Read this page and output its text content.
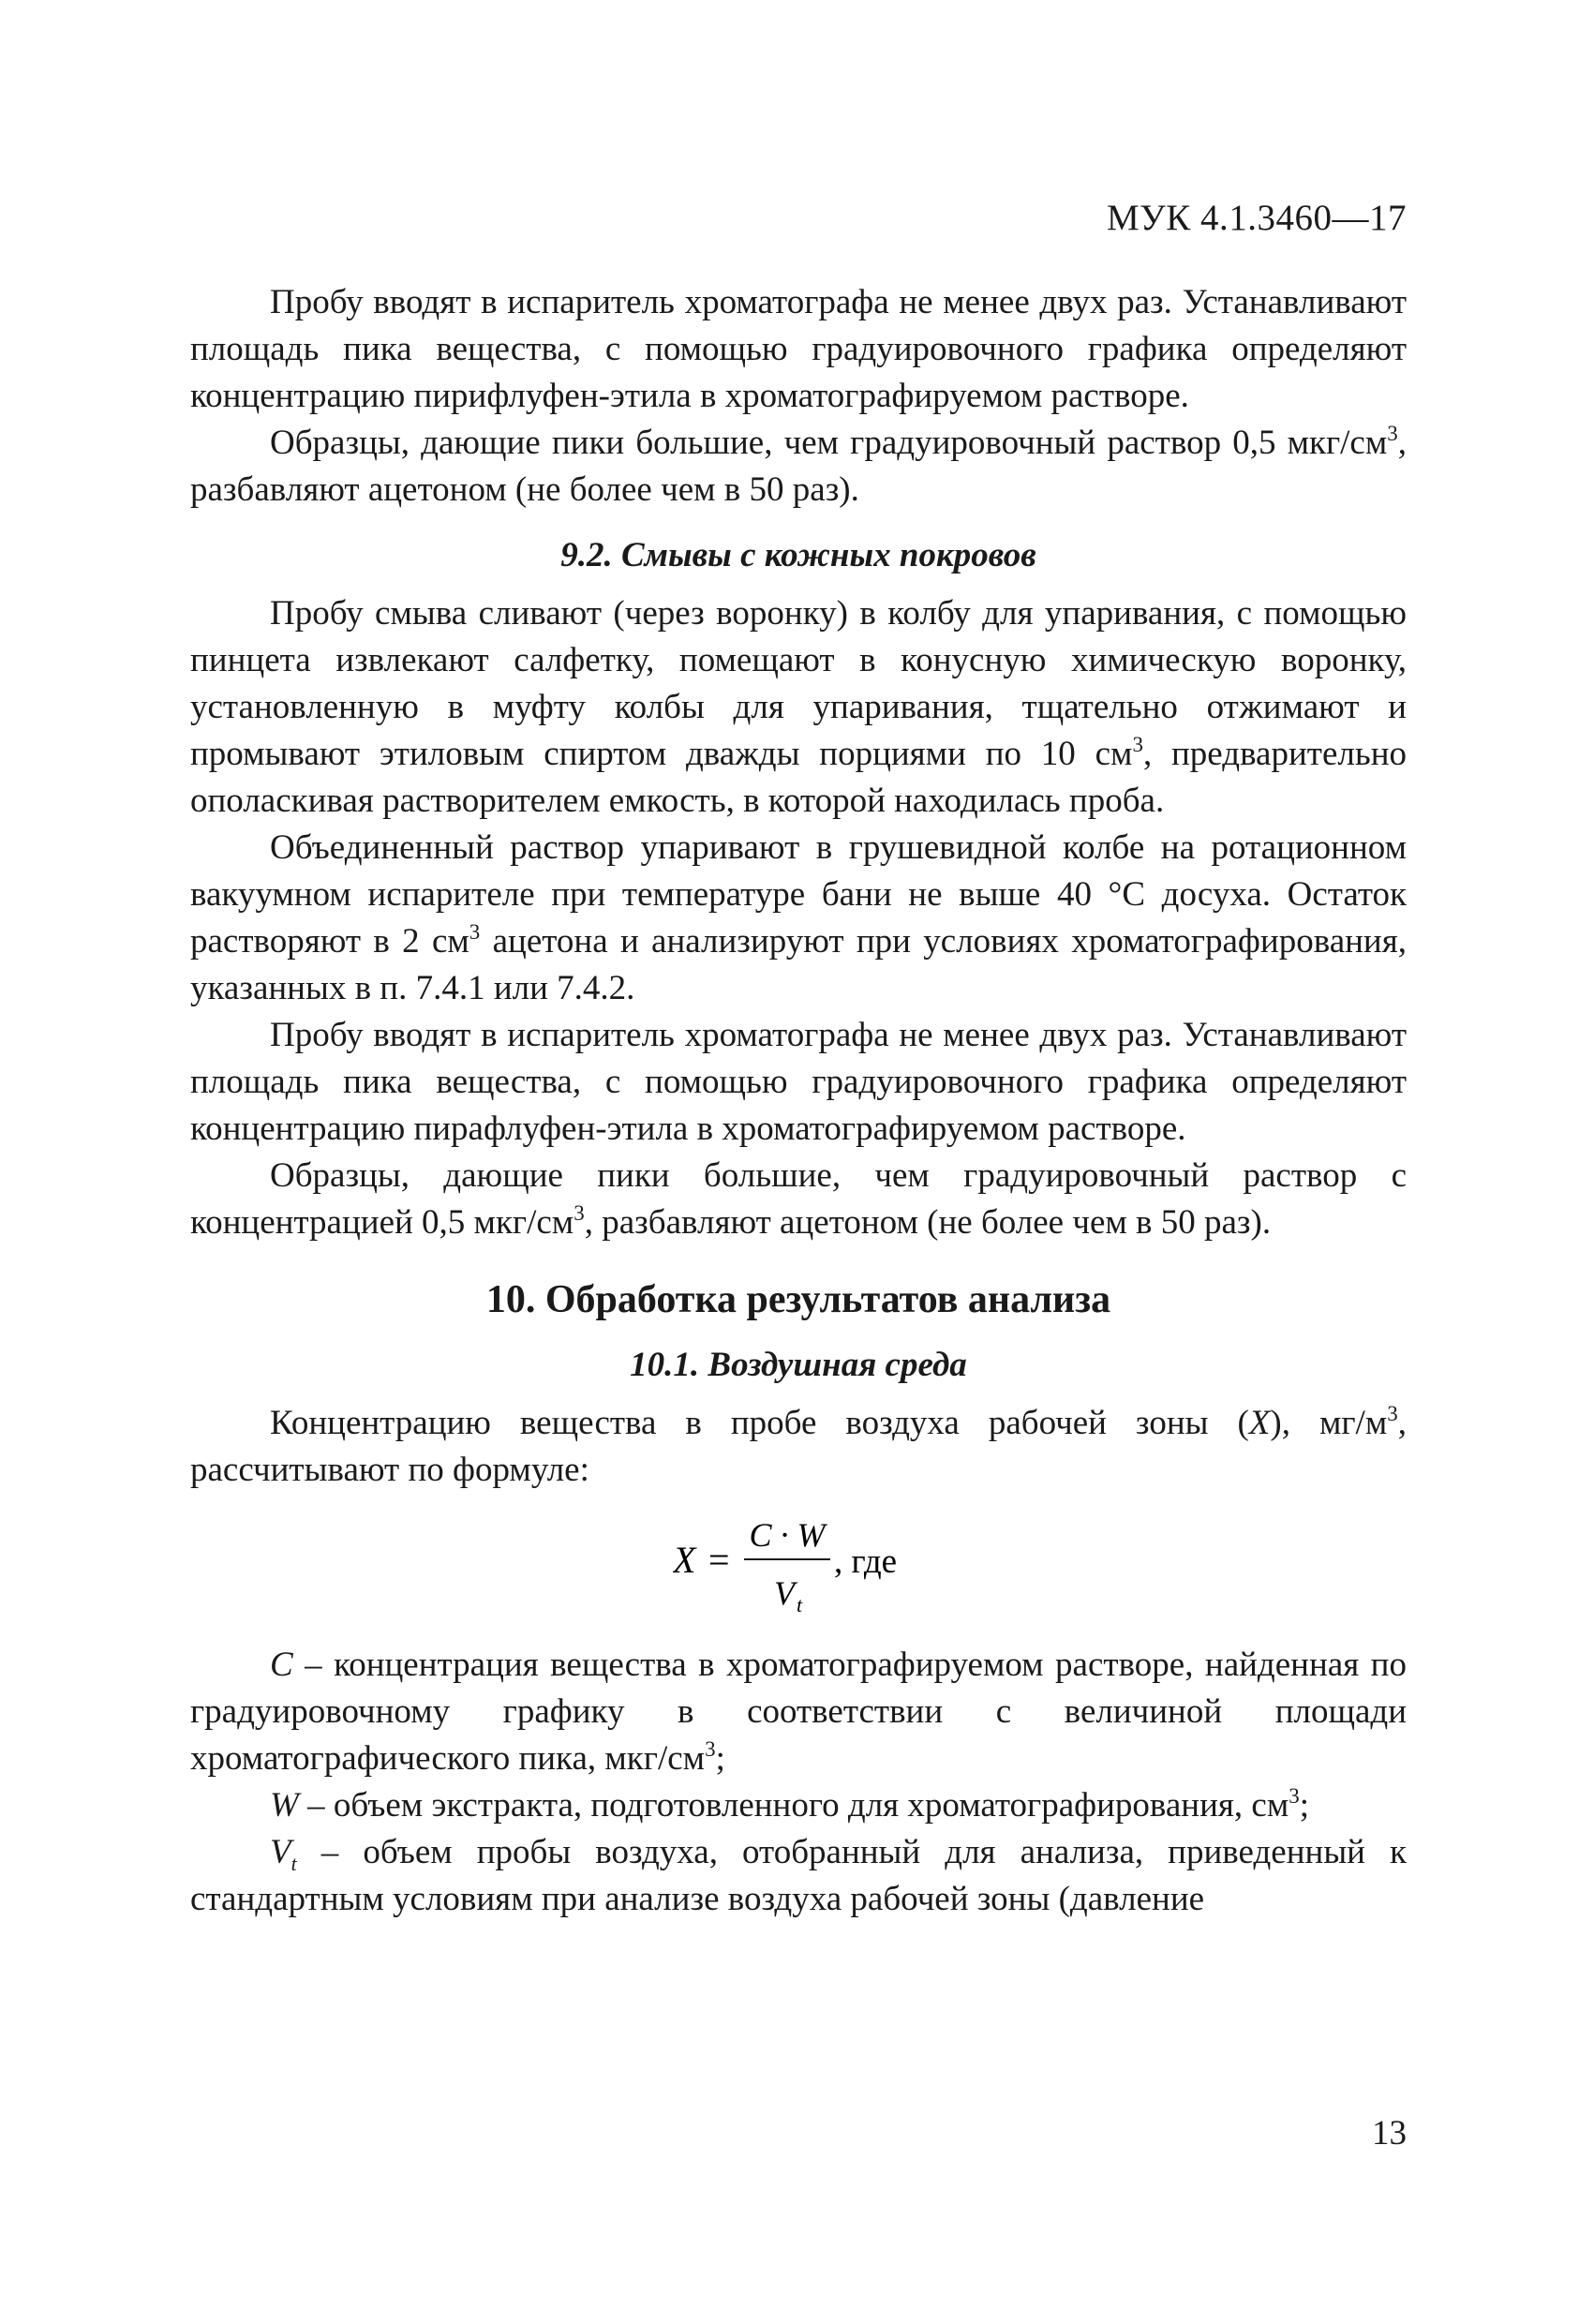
МУК 4.1.3460—17

Пробу вводят в испаритель хроматографа не менее двух раз. Устанавливают площадь пика вещества, с помощью градуировочного графика определяют концентрацию пирифлуфен-этила в хроматографируемом растворе.

Образцы, дающие пики большие, чем градуировочный раствор 0,5 мкг/$см^3$, разбавляют ацетоном (не более чем в 50 раз).

9.2. Смывы с кожных покровов

Пробу смыва сливают (через воронку) в колбу для упаривания, с помощью пинцета извлекают салфетку, помещают в конусную химическую воронку, установленную в муфту колбы для упаривания, тщательно отжимают и промывают этиловым спиртом дважды порциями по 10 $см^3$, предварительно ополаскивая растворителем емкость, в которой находилась проба.

Объединенный раствор упаривают в грушевидной колбе на ротационном вакуумном испарителе при температуре бани не выше 40 °С досуха. Остаток растворяют в 2 $см^3$ ацетона и анализируют при условиях хроматографирования, указанных в п. 7.4.1 или 7.4.2.

Пробу вводят в испаритель хроматографа не менее двух раз. Устанавливают площадь пика вещества, с помощью градуировочного графика определяют концентрацию пирафлуфен-этила в хроматографируемом растворе.

Образцы, дающие пики большие, чем градуировочный раствор с концентрацией 0,5 мкг/$см^3$, разбавляют ацетоном (не более чем в 50 раз).

10. Обработка результатов анализа
10.1. Воздушная среда

Концентрацию вещества в пробе воздуха рабочей зоны (X), $мг/м^3$, рассчитывают по формуле:

X =
C · W
V t
, где

C – концентрация вещества в хроматографируемом растворе, найденная по градуировочному графику в соответствии с величиной площади хроматографического пика, мкг/$см^3$;

W – объем экстракта, подготовленного для хроматографирования, $см^3$;

$V_t$ – объем пробы воздуха, отобранный для анализа, приведенный к стандартным условиям при анализе воздуха рабочей зоны (давление

13
